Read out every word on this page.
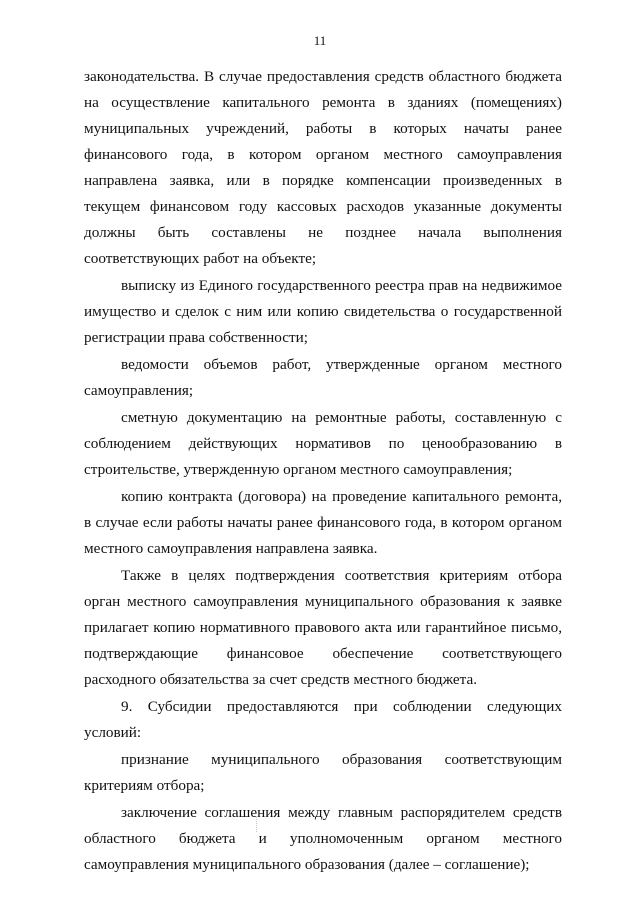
11

законодательства. В случае предоставления средств областного бюджета на осуществление капитального ремонта в зданиях (помещениях) муниципальных учреждений, работы в которых начаты ранее финансового года, в котором органом местного самоуправления направлена заявка, или в порядке компенсации произведенных в текущем финансовом году кассовых расходов указанные документы должны быть составлены не позднее начала выполнения соответствующих работ на объекте;

выписку из Единого государственного реестра прав на недвижимое имущество и сделок с ним или копию свидетельства о государственной регистрации права собственности;

ведомости объемов работ, утвержденные органом местного самоуправления;

сметную документацию на ремонтные работы, составленную с соблюдением действующих нормативов по ценообразованию в строительстве, утвержденную органом местного самоуправления;

копию контракта (договора) на проведение капитального ремонта, в случае если работы начаты ранее финансового года, в котором органом местного самоуправления направлена заявка.

Также в целях подтверждения соответствия критериям отбора орган местного самоуправления муниципального образования к заявке прилагает копию нормативного правового акта или гарантийное письмо, подтверждающие финансовое обеспечение соответствующего расходного обязательства за счет средств местного бюджета.

9. Субсидии предоставляются при соблюдении следующих условий:

признание муниципального образования соответствующим критериям отбора;

заключение соглашения между главным распорядителем средств областного бюджета и уполномоченным органом местного самоуправления муниципального образования (далее – соглашение);
